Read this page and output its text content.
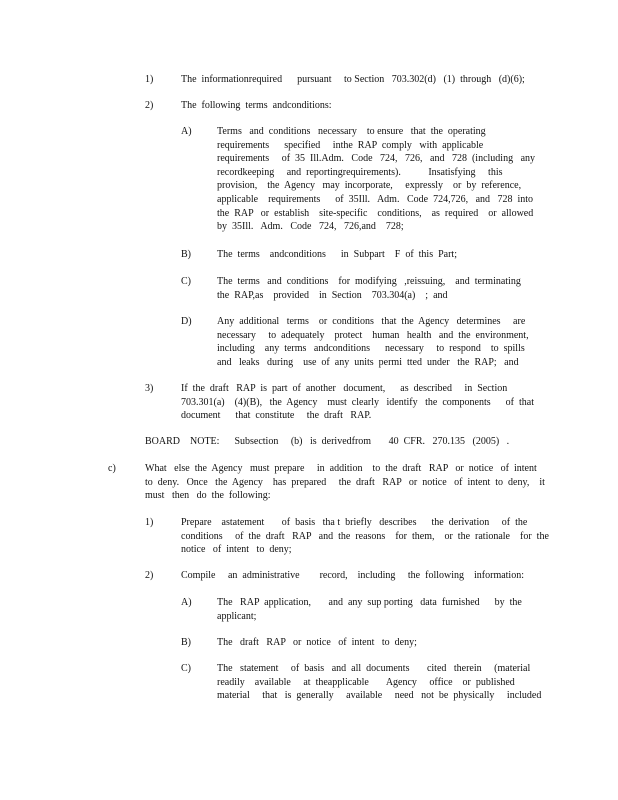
1)	The  informationrequired      pursuant     to Section   703.302(d)   (1)  through   (d)(6);
2)	The  following  terms  andconditions:
A)	Terms   and  conditions   necessary    to ensure   that  the  operating
requirements      specified     inthe  RAP  comply   with  applicable
requirements     of  35  Ill.Adm.   Code   724,   726,   and   728  (including   any
recordkeeping     and  reportingrequirements).           Insatisfying     this
provision,    the  Agency   may  incorporate,     expressly    or  by  reference,
applicable    requirements      of  35Ill.   Adm.   Code  724,726,   and   728  into
the  RAP   or  establish    site-specific    conditions,    as  required    or  allowed
by  35Ill.   Adm.   Code   724,   726,and    728;
B)	The  terms    andconditions      in  Subpart    F  of  this  Part;
C)	The  terms   and  conditions    for  modifying   ,reissuing,    and  terminating
the  RAP,as    provided    in  Section    703.304(a)    ;  and
D)	Any  additional   terms    or  conditions   that  the  Agency   determines     are
necessary     to  adequately    protect    human   health   and  the  environment,
including    any  terms   andconditions      necessary     to  respond    to  spills
and   leaks   during    use  of  any  units  permi  tted  under   the  RAP;   and
3)	If  the  draft   RAP  is  part  of  another   document,      as  described     in  Section
703.301(a)    (4)(B),   the  Agency    must  clearly   identify   the  components      of  that
document      that  constitute     the  draft   RAP.
BOARD    NOTE:      Subsection     (b)   is  derivedfrom       40  CFR.   270.135   (2005)   .
c)	What   else  the  Agency   must  prepare     in  addition    to  the  draft   RAP   or  notice   of  intent
to  deny.   Once   the  Agency    has  prepared     the  draft   RAP   or  notice   of  intent  to  deny,    it
must   then   do  the  following:
1)	Prepare    astatement       of  basis   tha t  briefly   describes      the  derivation     of  the
conditions     of  the  draft   RAP   and  the  reasons    for  them,    or  the  rationale    for  the
notice   of  intent   to  deny;
2)	Compile     an  administrative        record,    including     the  following    information:
A)	The   RAP  application,       and  any  sup porting   data  furnished      by  the
applicant;
B)	The   draft   RAP   or  notice   of  intent   to  deny;
C)	The   statement     of  basis   and  all  documents       cited   therein     (material
readily    available     at  theapplicable       Agency     office    or  published
material     that   is  generally     available     need   not  be  physically     included
